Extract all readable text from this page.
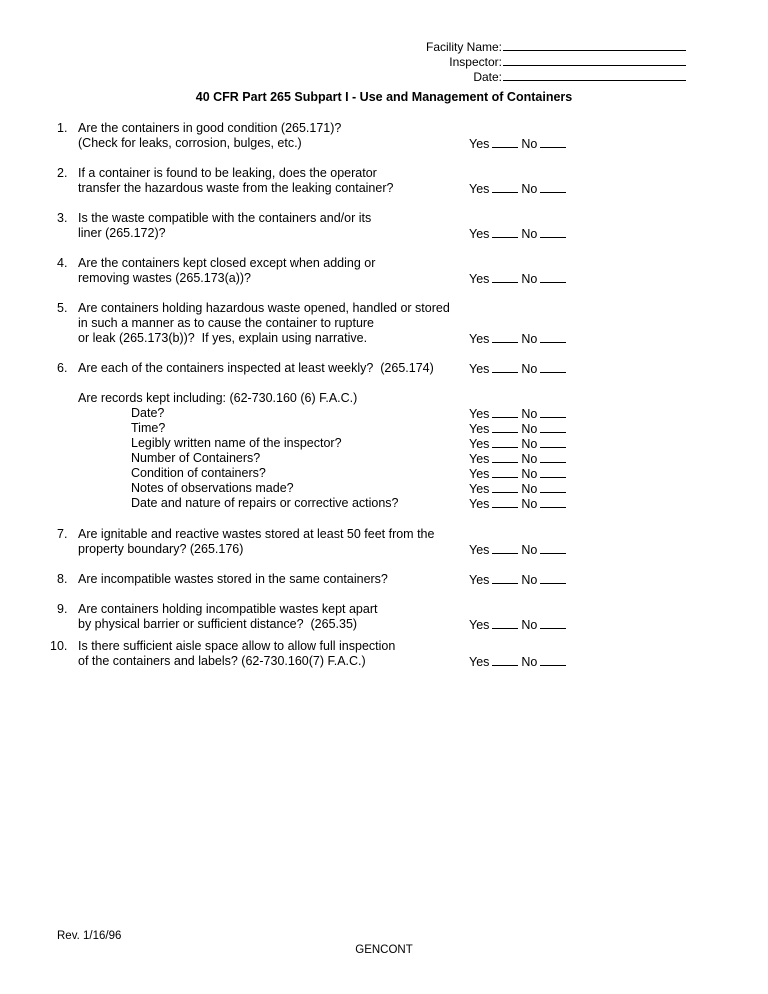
Facility Name:
Inspector:
Date:
40 CFR Part 265 Subpart I - Use and Management of Containers
1. Are the containers in good condition (265.171)?
(Check for leaks, corrosion, bulges, etc.)	Yes	No
2. If a container is found to be leaking, does the operator
transfer the hazardous waste from the leaking container?	Yes	No
3. Is the waste compatible with the containers and/or its
liner (265.172)?	Yes	No
4. Are the containers kept closed except when adding or
removing wastes (265.173(a))?	Yes	No
5. Are containers holding hazardous waste opened, handled or stored
in such a manner as to cause the container to rupture
or leak (265.173(b))?  If yes, explain using narrative.	Yes	No
6. Are each of the containers inspected at least weekly?  (265.174)	Yes	No
Are records kept including: (62-730.160 (6) F.A.C.)
Date?	Yes	No
Time?	Yes	No
Legibly written name of the inspector?	Yes	No
Number of Containers?	Yes	No
Condition of containers?	Yes	No
Notes of observations made?	Yes	No
Date and nature of repairs or corrective actions?	Yes	No
7. Are ignitable and reactive wastes stored at least 50 feet from the
property boundary? (265.176)	Yes	No
8. Are incompatible wastes stored in the same containers?	Yes	No
9. Are containers holding incompatible wastes kept apart
by physical barrier or sufficient distance?  (265.35)	Yes	No
10. Is there sufficient aisle space allow to allow full inspection
of the containers and labels? (62-730.160(7) F.A.C.)	Yes	No
Rev. 1/16/96
GENCONT
